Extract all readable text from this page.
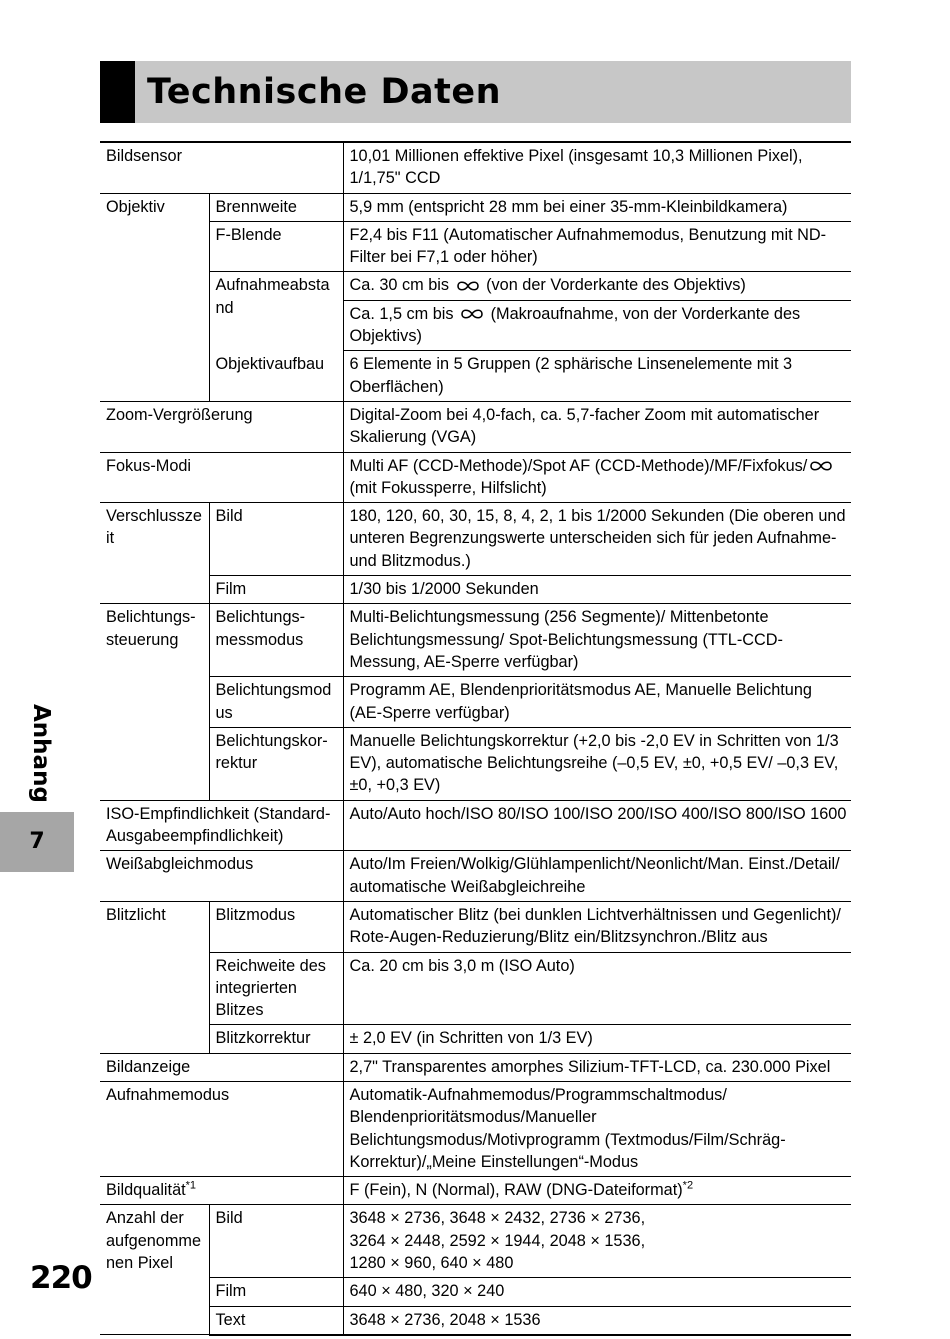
Technische Daten
Bildsensor		10,01 Millionen effektive Pixel (insgesamt 10,3 Millionen Pixel), 1/1,75" CCD
Objektiv	Brennweite	5,9 mm (entspricht 28 mm bei einer 35-mm-Kleinbildkamera)
	F-Blende	F2,4 bis F11 (Automatischer Aufnahmemodus, Benutzung mit ND-Filter bei F7,1 oder höher)
	Aufnahmeabstand	Ca. 30 cm bis (von der Vorderkante des Objektivs)
		Ca. 1,5 cm bis (Makroaufnahme, von der Vorderkante des Objektivs)
	Objektivaufbau	6 Elemente in 5 Gruppen (2 sphärische Linsenelemente mit 3 Oberflächen)
Zoom-Vergrößerung		Digital-Zoom bei 4,0-fach, ca. 5,7-facher Zoom mit automatischer Skalierung (VGA)
Fokus-Modi		Multi AF (CCD-Methode)/Spot AF (CCD-Methode)/MF/Fixfokus/ (mit Fokussperre, Hilfslicht)
Verschlusszeit	Bild	180, 120, 60, 30, 15, 8, 4, 2, 1 bis 1/2000 Sekunden (Die oberen und unteren Begrenzungswerte unterscheiden sich für jeden Aufnahme- und Blitzmodus.)
	Film	1/30 bis 1/2000 Sekunden
Belichtungs-steuerung	Belichtungs-messmodus	Multi-Belichtungsmessung (256 Segmente)/ Mittenbetonte Belichtungsmessung/ Spot-Belichtungsmessung (TTL-CCD-Messung, AE-Sperre verfügbar)
	Belichtungsmodus	Programm AE, Blendenprioritätsmodus AE, Manuelle Belichtung (AE-Sperre verfügbar)
	Belichtungskor-rektur	Manuelle Belichtungskorrektur (+2,0 bis -2,0 EV in Schritten von 1/3 EV), automatische Belichtungsreihe (–0,5 EV, ±0, +0,5 EV/ –0,3 EV, ±0, +0,3 EV)
ISO-Empfindlichkeit (Standard-Ausgabeempfindlichkeit)		Auto/Auto hoch/ISO 80/ISO 100/ISO 200/ISO 400/ISO 800/ISO 1600
Weißabgleichmodus		Auto/Im Freien/Wolkig/Glühlampenlicht/Neonlicht/Man. Einst./Detail/ automatische Weißabgleichreihe
Blitzlicht	Blitzmodus	Automatischer Blitz (bei dunklen Lichtverhältnissen und Gegenlicht)/ Rote-Augen-Reduzierung/Blitz ein/Blitzsynchron./Blitz aus
	Reichweite des integrierten Blitzes	Ca. 20 cm bis 3,0 m (ISO Auto)
	Blitzkorrektur	± 2,0 EV (in Schritten von 1/3 EV)
Bildanzeige		2,7" Transparentes amorphes Silizium-TFT-LCD, ca. 230.000 Pixel
Aufnahmemodus		Automatik-Aufnahmemodus/Programmschaltmodus/ Blendenprioritätsmodus/Manueller Belichtungsmodus/Motivprogramm (Textmodus/Film/Schräg-Korrektur)/„Meine Einstellungen“-Modus
Bildqualität$^{*1}$		F (Fein), N (Normal), RAW (DNG-Dateiformat)$^{*2}$
Anzahl der aufgenomme nen Pixel	Bild	3648 × 2736, 3648 × 2432, 2736 × 2736,
3264 × 2448, 2592 × 1944, 2048 × 1536,
1280 × 960, 640 × 480

	Film	640 × 480, 320 × 240
	Text	3648 × 2736, 2048 × 1536
Anhang
7
220
